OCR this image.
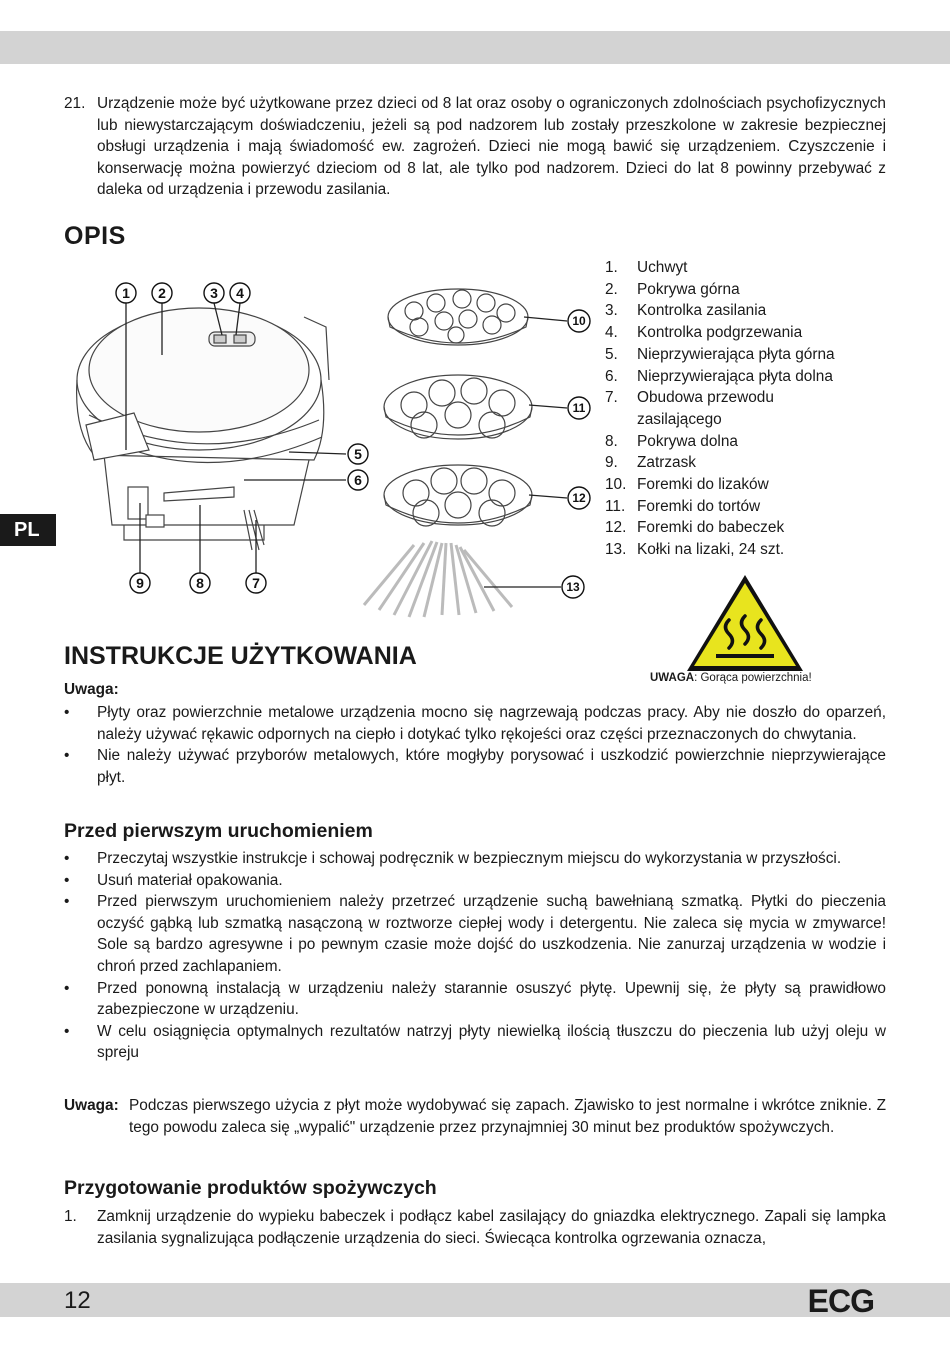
PL
21. Urządzenie może być użytkowane przez dzieci od 8 lat oraz osoby o ograniczonych zdolnościach psychofizycznych lub niewystarczającym doświadczeniu, jeżeli są pod nadzorem lub zostały przeszkolone w zakresie bezpiecznej obsługi urządzenia i mają świadomość ew. zagrożeń. Dzieci nie mogą bawić się urządzeniem. Czyszczenie i konserwację można powierzyć dzieciom od 8 lat, ale tylko pod nadzorem. Dzieci do lat 8 powinny przebywać z daleka od urządzenia i przewodu zasilania.
OPIS
1 2	3 4
5
6
7
8
9
10
11
12
13
1. Uchwyt
2. Pokrywa górna
3. Kontrolka zasilania
4. Kontrolka podgrzewania
5. Nieprzywierająca płyta górna
6. Nieprzywierająca płyta dolna
7. Obudowa przewodu zasilającego
8. Pokrywa dolna
9. Zatrzask
10. Foremki do lizaków
11. Foremki do tortów
12. Foremki do babeczek
13. Kołki na lizaki, 24 szt.
UWAGA: Gorąca powierzchnia!
INSTRUKCJE UŻYTKOWANIA
Uwaga:
• Płyty oraz powierzchnie metalowe urządzenia mocno się nagrzewają podczas pracy. Aby nie doszło do oparzeń, należy używać rękawic odpornych na ciepło i dotykać tylko rękojeści oraz części przeznaczonych do chwytania.
• Nie należy używać przyborów metalowych, które mogłyby porysować i uszkodzić powierzchnie nieprzywierające płyt.
Przed pierwszym uruchomieniem
• Przeczytaj wszystkie instrukcje i schowaj podręcznik w bezpiecznym miejscu do wykorzystania w przyszłości.
• Usuń materiał opakowania.
• Przed pierwszym uruchomieniem należy przetrzeć urządzenie suchą bawełnianą szmatką. Płytki do pieczenia oczyść gąbką lub szmatką nasączoną w roztworze ciepłej wody i detergentu. Nie zaleca się mycia w zmywarce! Sole są bardzo agresywne i po pewnym czasie może dojść do uszkodzenia. Nie zanurzaj urządzenia w wodzie i chroń przed zachlapaniem.
• Przed ponowną instalacją w urządzeniu należy starannie osuszyć płytę. Upewnij się, że płyty są prawidłowo zabezpieczone w urządzeniu.
• W celu osiągnięcia optymalnych rezultatów natrzyj płyty niewielką ilością tłuszczu do pieczenia lub użyj oleju w spreju
Uwaga: Podczas pierwszego użycia z płyt może wydobywać się zapach. Zjawisko to jest normalne i wkrótce zniknie. Z tego powodu zaleca się „wypalić" urządzenie przez przynajmniej 30 minut bez produktów spożywczych.
Przygotowanie produktów spożywczych
1. Zamknij urządzenie do wypieku babeczek i podłącz kabel zasilający do gniazdka elektrycznego. Zapali się lampka zasilania sygnalizująca podłączenie urządzenia do sieci. Świecąca kontrolka ogrzewania oznacza,
12	ECG
